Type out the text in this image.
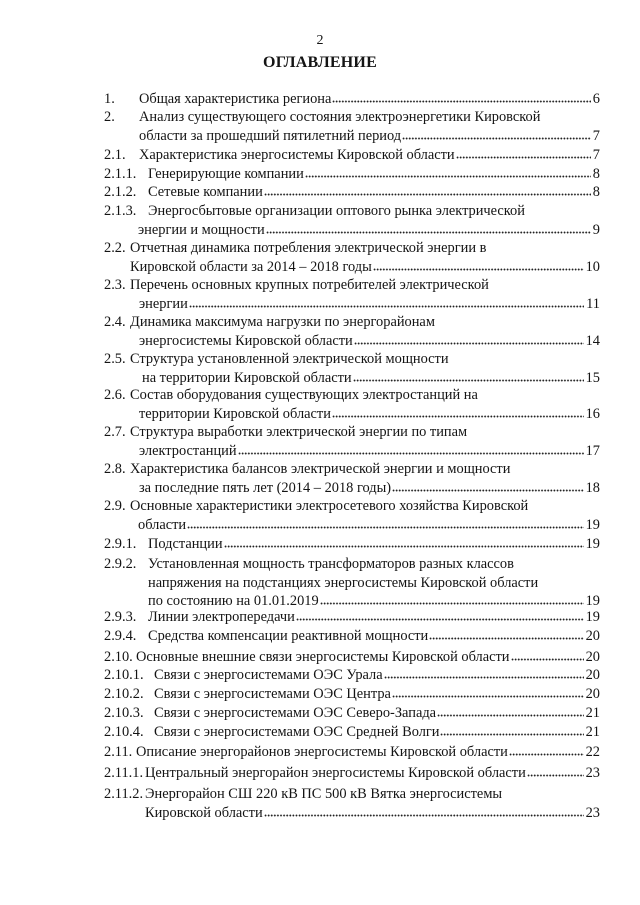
2
ОГЛАВЛЕНИЕ
1.	Общая характеристика региона	6
2.	Анализ существующего состояния электроэнергетики Кировской
области за прошедший пятилетний период	7
2.1. Характеристика энергосистемы Кировской области	7
2.1.1. Генерирующие компании	8
2.1.2. Сетевые компании	8
2.1.3. Энергосбытовые организации оптового рынка электрической
энергии и мощности	9
2.2. Отчетная динамика потребления электрической энергии в
Кировской области за 2014 – 2018 годы	10
2.3. Перечень основных крупных потребителей электрической
энергии	11
2.4. Динамика максимума нагрузки по энергорайонам
энергосистемы Кировской области	14
2.5. Структура установленной электрической мощности
на территории Кировской области	15
2.6. Состав оборудования существующих электростанций на
территории Кировской области	16
2.7. Структура выработки электрической энергии по типам
электростанций	17
2.8. Характеристика балансов электрической энергии и мощности
за последние пять лет (2014 – 2018 годы)	18
2.9. Основные характеристики электросетевого хозяйства Кировской
области	19
2.9.1. Подстанции	19
2.9.2. Установленная мощность трансформаторов разных классов
напряжения на подстанциях энергосистемы Кировской области
по состоянию на 01.01.2019	19
2.9.3. Линии электропередачи	19
2.9.4. Средства компенсации реактивной мощности	20
2.10. Основные внешние связи энергосистемы Кировской области	20
2.10.1. Связи с энергосистемами ОЭС Урала	20
2.10.2. Связи с энергосистемами ОЭС Центра	20
2.10.3. Связи с энергосистемами ОЭС Северо-Запада	21
2.10.4. Связи с энергосистемами ОЭС Средней Волги	21
2.11. Описание энергорайонов энергосистемы Кировской области	22
2.11.1. Центральный энергорайон энергосистемы Кировской области	23
2.11.2. Энергорайон СШ 220 кВ ПС 500 кВ Вятка энергосистемы
Кировской области	23
